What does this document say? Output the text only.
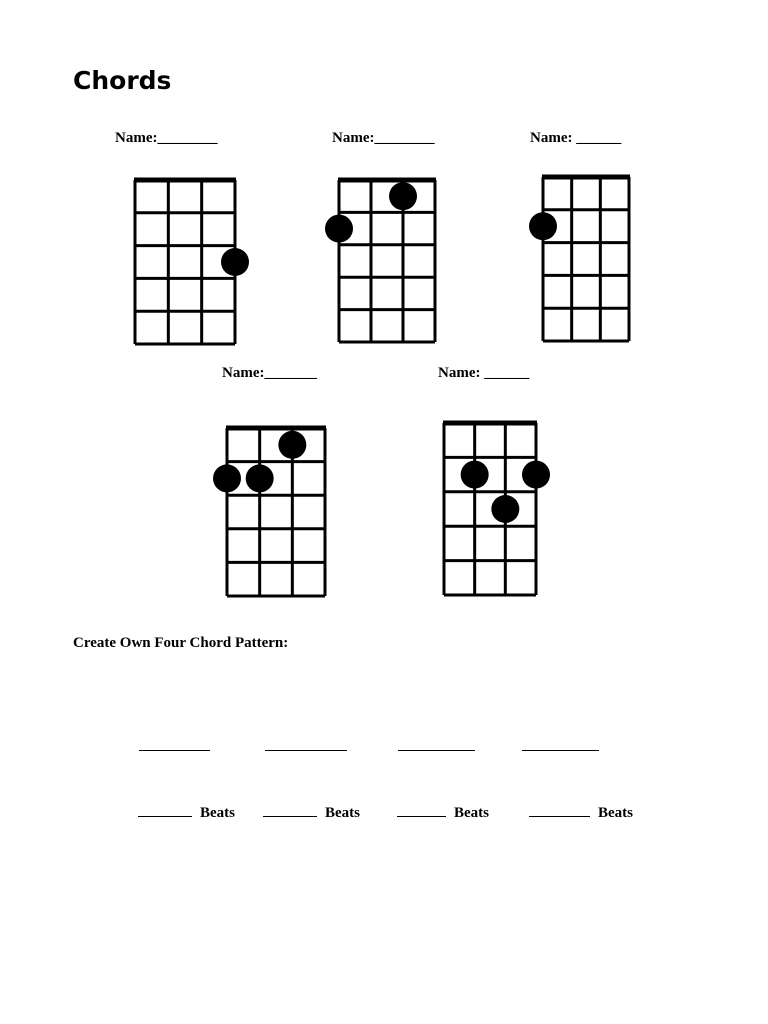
Chords
Name:________	Name:________	Name: ______
Name:_______	Name: ______
Create Own Four Chord Pattern:
Beats	Beats	Beats	Beats
